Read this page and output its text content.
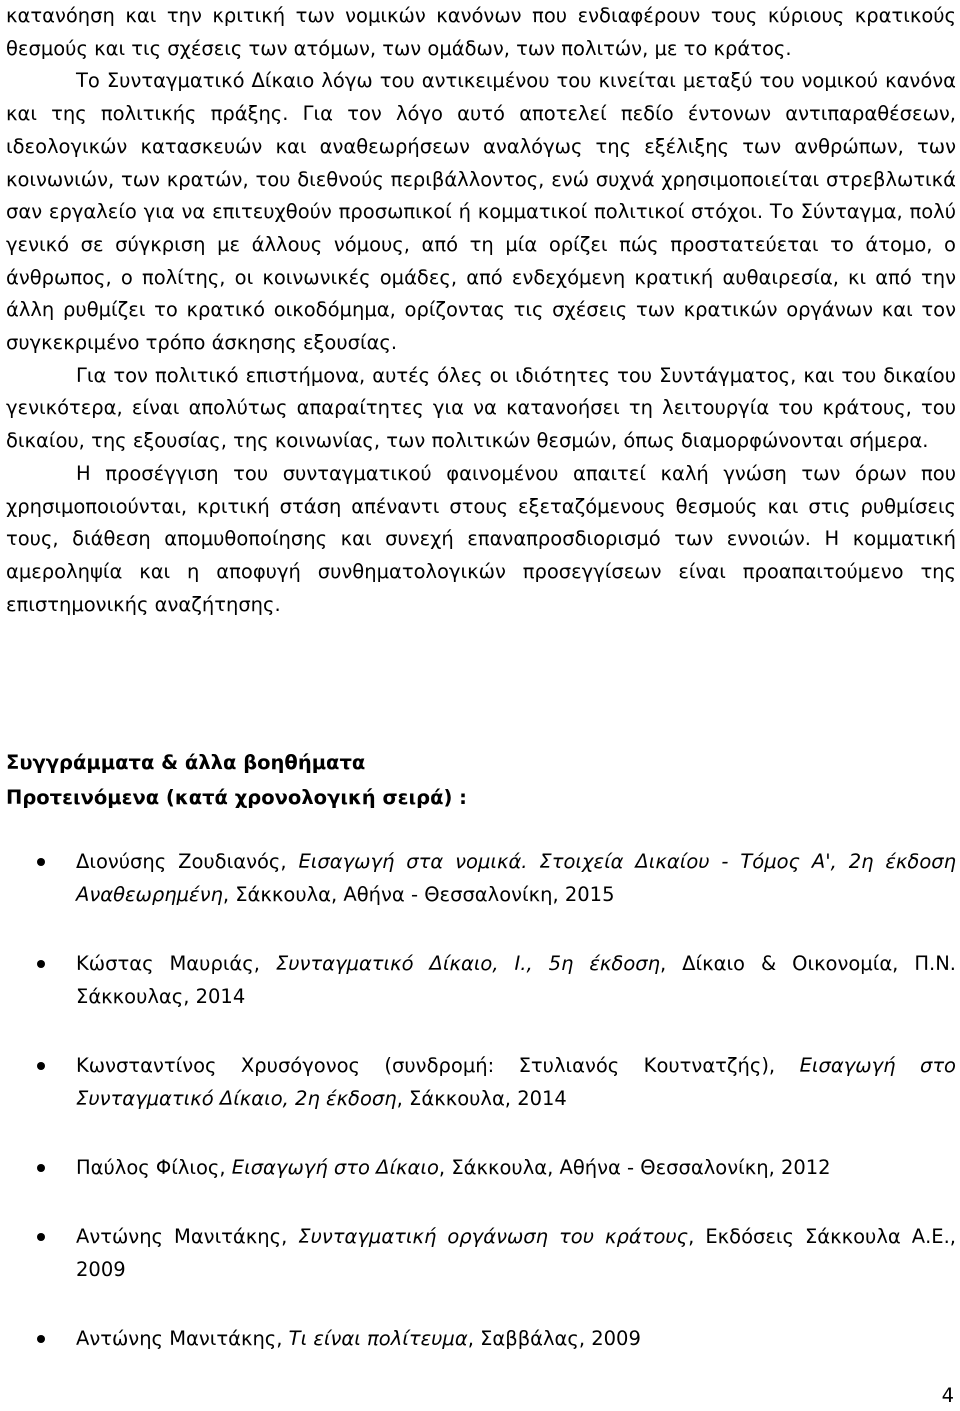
κατανόηση και την κριτική των νομικών κανόνων που ενδιαφέρουν τους κύριους κρατικούς θεσμούς και τις σχέσεις των ατόμων, των ομάδων, των πολιτών, με το κράτος.

Το Συνταγματικό Δίκαιο λόγω του αντικειμένου του κινείται μεταξύ του νομικού κανόνα και της πολιτικής πράξης. Για τον λόγο αυτό αποτελεί πεδίο έντονων αντιπαραθέσεων, ιδεολογικών κατασκευών και αναθεωρήσεων αναλόγως της εξέλιξης των ανθρώπων, των κοινωνιών, των κρατών, του διεθνούς περιβάλλοντος, ενώ συχνά χρησιμοποιείται στρεβλωτικά σαν εργαλείο για να επιτευχθούν προσωπικοί ή κομματικοί πολιτικοί στόχοι. Το Σύνταγμα, πολύ γενικό σε σύγκριση με άλλους νόμους, από τη μία ορίζει πώς προστατεύεται το άτομο, ο άνθρωπος, ο πολίτης, οι κοινωνικές ομάδες, από ενδεχόμενη κρατική αυθαιρεσία, κι από την άλλη ρυθμίζει το κρατικό οικοδόμημα, ορίζοντας τις σχέσεις των κρατικών οργάνων και τον συγκεκριμένο τρόπο άσκησης εξουσίας.

Για τον πολιτικό επιστήμονα, αυτές όλες οι ιδιότητες του Συντάγματος, και του δικαίου γενικότερα, είναι απολύτως απαραίτητες για να κατανοήσει τη λειτουργία του κράτους, του δικαίου, της εξουσίας, της κοινωνίας, των πολιτικών θεσμών, όπως διαμορφώνονται σήμερα.

Η προσέγγιση του συνταγματικού φαινομένου απαιτεί καλή γνώση των όρων που χρησιμοποιούνται, κριτική στάση απέναντι στους εξεταζόμενους θεσμούς και στις ρυθμίσεις τους, διάθεση απομυθοποίησης και συνεχή επαναπροσδιορισμό των εννοιών. Η κομματική αμεροληψία και η αποφυγή συνθηματολογικών προσεγγίσεων είναι προαπαιτούμενο της επιστημονικής αναζήτησης.

Συγγράμματα & άλλα βοηθήματα
Προτεινόμενα (κατά χρονολογική σειρά) :
Διονύσης Ζουδιανός, Εισαγωγή στα νομικά. Στοιχεία Δικαίου - Τόμος Α', 2η έκδοση Αναθεωρημένη, Σάκκουλα, Αθήνα - Θεσσαλονίκη, 2015
Κώστας Μαυριάς, Συνταγματικό Δίκαιο, Ι., 5η έκδοση, Δίκαιο & Οικονομία, Π.Ν. Σάκκουλας, 2014
Κωνσταντίνος Χρυσόγονος (συνδρομή: Στυλιανός Κουτνατζής), Εισαγωγή στο Συνταγματικό Δίκαιο, 2η έκδοση, Σάκκουλα, 2014
Παύλος Φίλιος, Εισαγωγή στο Δίκαιο, Σάκκουλα, Αθήνα - Θεσσαλονίκη, 2012
Αντώνης Μανιτάκης, Συνταγματική οργάνωση του κράτους, Εκδόσεις Σάκκουλα Α.Ε., 2009
Αντώνης Μανιτάκης, Τι είναι πολίτευμα, Σαββάλας, 2009
4
